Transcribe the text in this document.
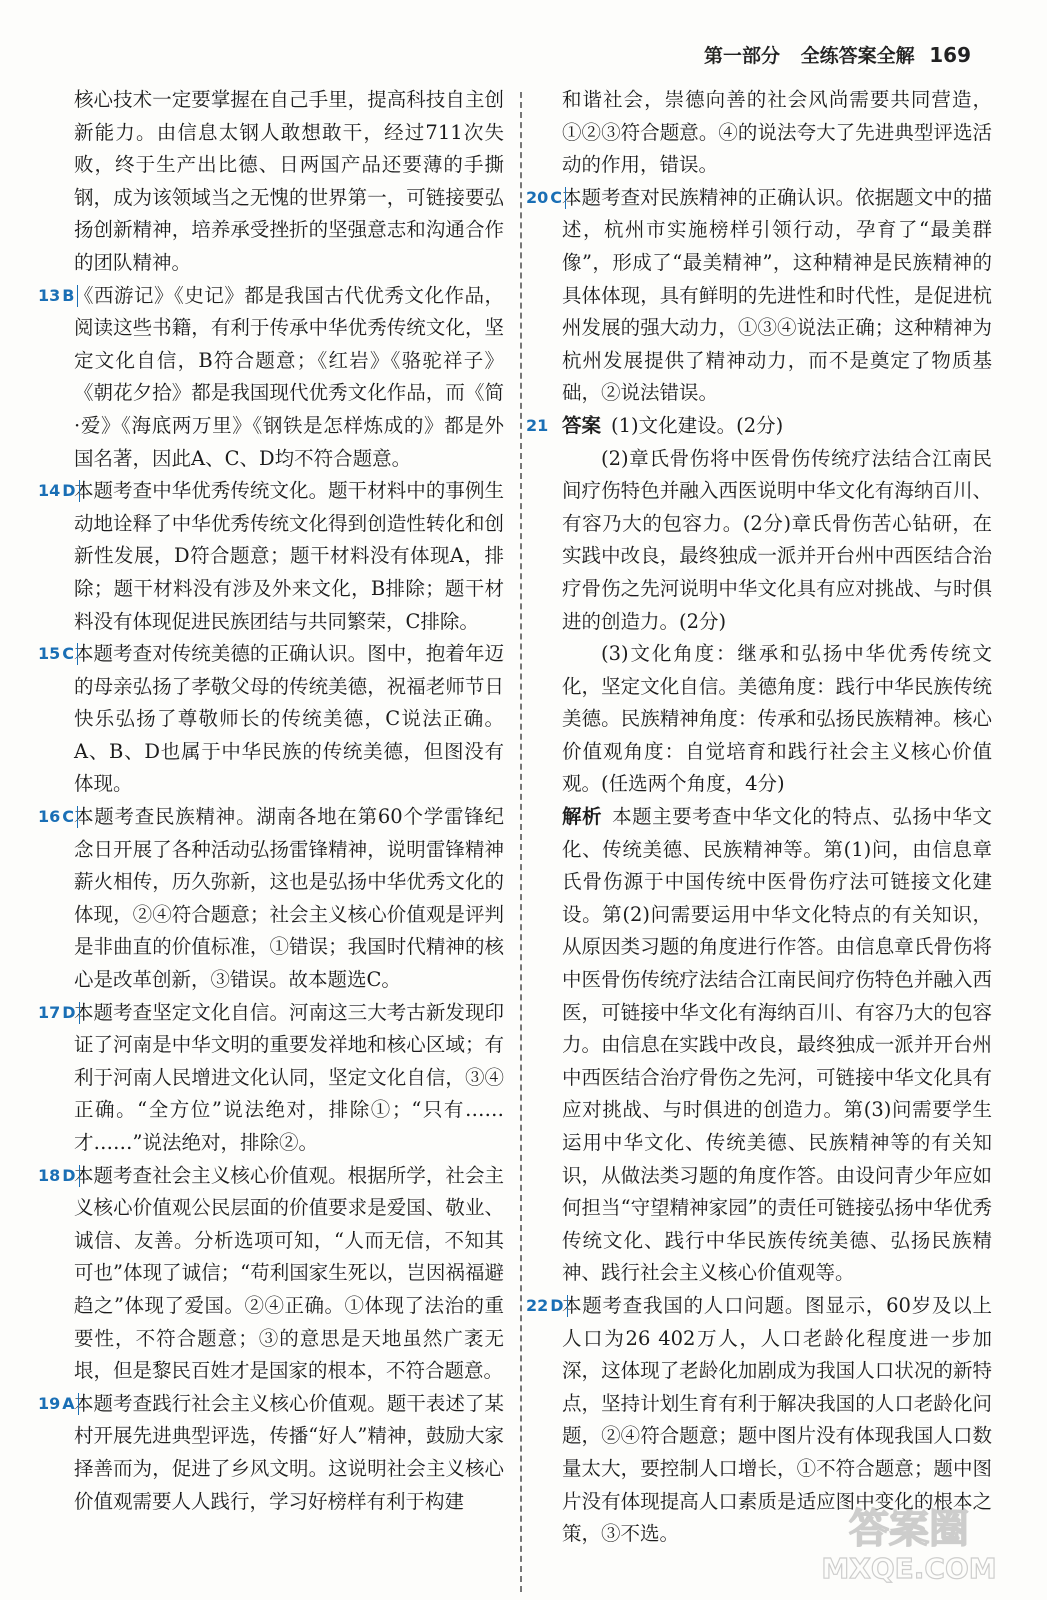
第一部分 全练答案全解 169

核心技术一定要掌握在自己手里，提高科技自主创新能力。由信息太钢人敢想敢干，经过711次失败，终于生产出比德、日两国产品还要薄的手撕钢，成为该领域当之无愧的世界第一，可链接要弘扬创新精神，培养承受挫折的坚强意志和沟通合作的团队精神。

13 B 《西游记》《史记》都是我国古代优秀文化作品，阅读这些书籍，有利于传承中华优秀传统文化，坚定文化自信，B符合题意；《红岩》《骆驼祥子》《朝花夕拾》都是我国现代优秀文化作品，而《简·爱》《海底两万里》《钢铁是怎样炼成的》都是外国名著，因此A、C、D均不符合题意。

14 D

本题考查中华优秀传统文化。题干材料中的事例生动地诠释了中华优秀传统文化得到创造性转化和创新性发展，D符合题意；题干材料没有体现A，排除；题干材料没有涉及外来文化，B排除；题干材料没有体现促进民族团结与共同繁荣，C排除。

15 C 本题考查对传统美德的正确认识。图中，抱着年迈的母亲弘扬了孝敬父母的传统美德，祝福老师节日快乐弘扬了尊敬师长的传统美德，C说法正确。A、B、D也属于中华民族的传统美德，但图没有体现。

16 C 本题考查民族精神。湖南各地在第60个学雷锋纪念日开展了各种活动弘扬雷锋精神，说明雷锋精神薪火相传，历久弥新，这也是弘扬中华优秀文化的体现，②④符合题意；社会主义核心价值观是评判是非曲直的价值标准，①错误；我国时代精神的核心是改革创新，③错误。故本题选C。

17 D

本题考查坚定文化自信。河南这三大考古新发现印证了河南是中华文明的重要发祥地和核心区域；有利于河南人民增进文化认同，坚定文化自信，③④正确。“全方位”说法绝对，排除①；“只有……才……”说法绝对，排除②。

18 D

本题考查社会主义核心价值观。根据所学，社会主义核心价值观公民层面的价值要求是爱国、敬业、诚信、友善。分析选项可知，“人而无信，不知其可也”体现了诚信；“苟利国家生死以，岂因祸福避趋之”体现了爱国。②④正确。①体现了法治的重要性，不符合题意；③的意思是天地虽然广袤无垠，但是黎民百姓才是国家的根本，不符合题意。

19 A 本题考查践行社会主义核心价值观。题干表述了某村开展先进典型评选，传播“好人”精神，鼓励大家择善而为，促进了乡风文明。这说明社会主义核心价值观需要人人践行，学习好榜样有利于构建

和谐社会，崇德向善的社会风尚需要共同营造，①②③符合题意。④的说法夸大了先进典型评选活动的作用，错误。

20 C 本题考查对民族精神的正确认识。依据题文中的描述，杭州市实施榜样引领行动，孕育了“最美群像”，形成了“最美精神”，这种精神是民族精神的具体体现，具有鲜明的先进性和时代性，是促进杭州发展的强大动力，①③④说法正确；这种精神为杭州发展提供了精神动力，而不是奠定了物质基础，②说法错误。

21 答案 (1)文化建设。(2分)

(2)章氏骨伤将中医骨伤传统疗法结合江南民间疗伤特色并融入西医说明中华文化有海纳百川、有容乃大的包容力。(2分)章氏骨伤苦心钻研，在实践中改良，最终独成一派并开台州中西医结合治疗骨伤之先河说明中华文化具有应对挑战、与时俱进的创造力。(2分)

(3)文化角度：继承和弘扬中华优秀传统文化，坚定文化自信。美德角度：践行中华民族传统美德。民族精神角度：传承和弘扬民族精神。核心价值观角度：自觉培育和践行社会主义核心价值观。(任选两个角度，4分)

解析 本题主要考查中华文化的特点、弘扬中华文化、传统美德、民族精神等。第(1)问，由信息章氏骨伤源于中国传统中医骨伤疗法可链接文化建设。第(2)问需要运用中华文化特点的有关知识，从原因类习题的角度进行作答。由信息章氏骨伤将中医骨伤传统疗法结合江南民间疗伤特色并融入西医，可链接中华文化有海纳百川、有容乃大的包容力。由信息在实践中改良，最终独成一派并开台州中西医结合治疗骨伤之先河，可链接中华文化具有应对挑战、与时俱进的创造力。第(3)问需要学生运用中华文化、传统美德、民族精神等的有关知识，从做法类习题的角度作答。由设问青少年应如何担当“守望精神家园”的责任可链接弘扬中华优秀传统文化、践行中华民族传统美德、弘扬民族精神、践行社会主义核心价值观等。

22 D

本题考查我国的人口问题。图显示，60岁及以上人口为26 402万人，人口老龄化程度进一步加深，这体现了老龄化加剧成为我国人口状况的新特点，坚持计划生育有利于解决我国的人口老龄化问题，②④符合题意；题中图片没有体现我国人口数量太大，要控制人口增长，①不符合题意；题中图片没有体现提高人口素质是适应图中变化的根本之策，③不选。	答案圈
MXQE.COM
